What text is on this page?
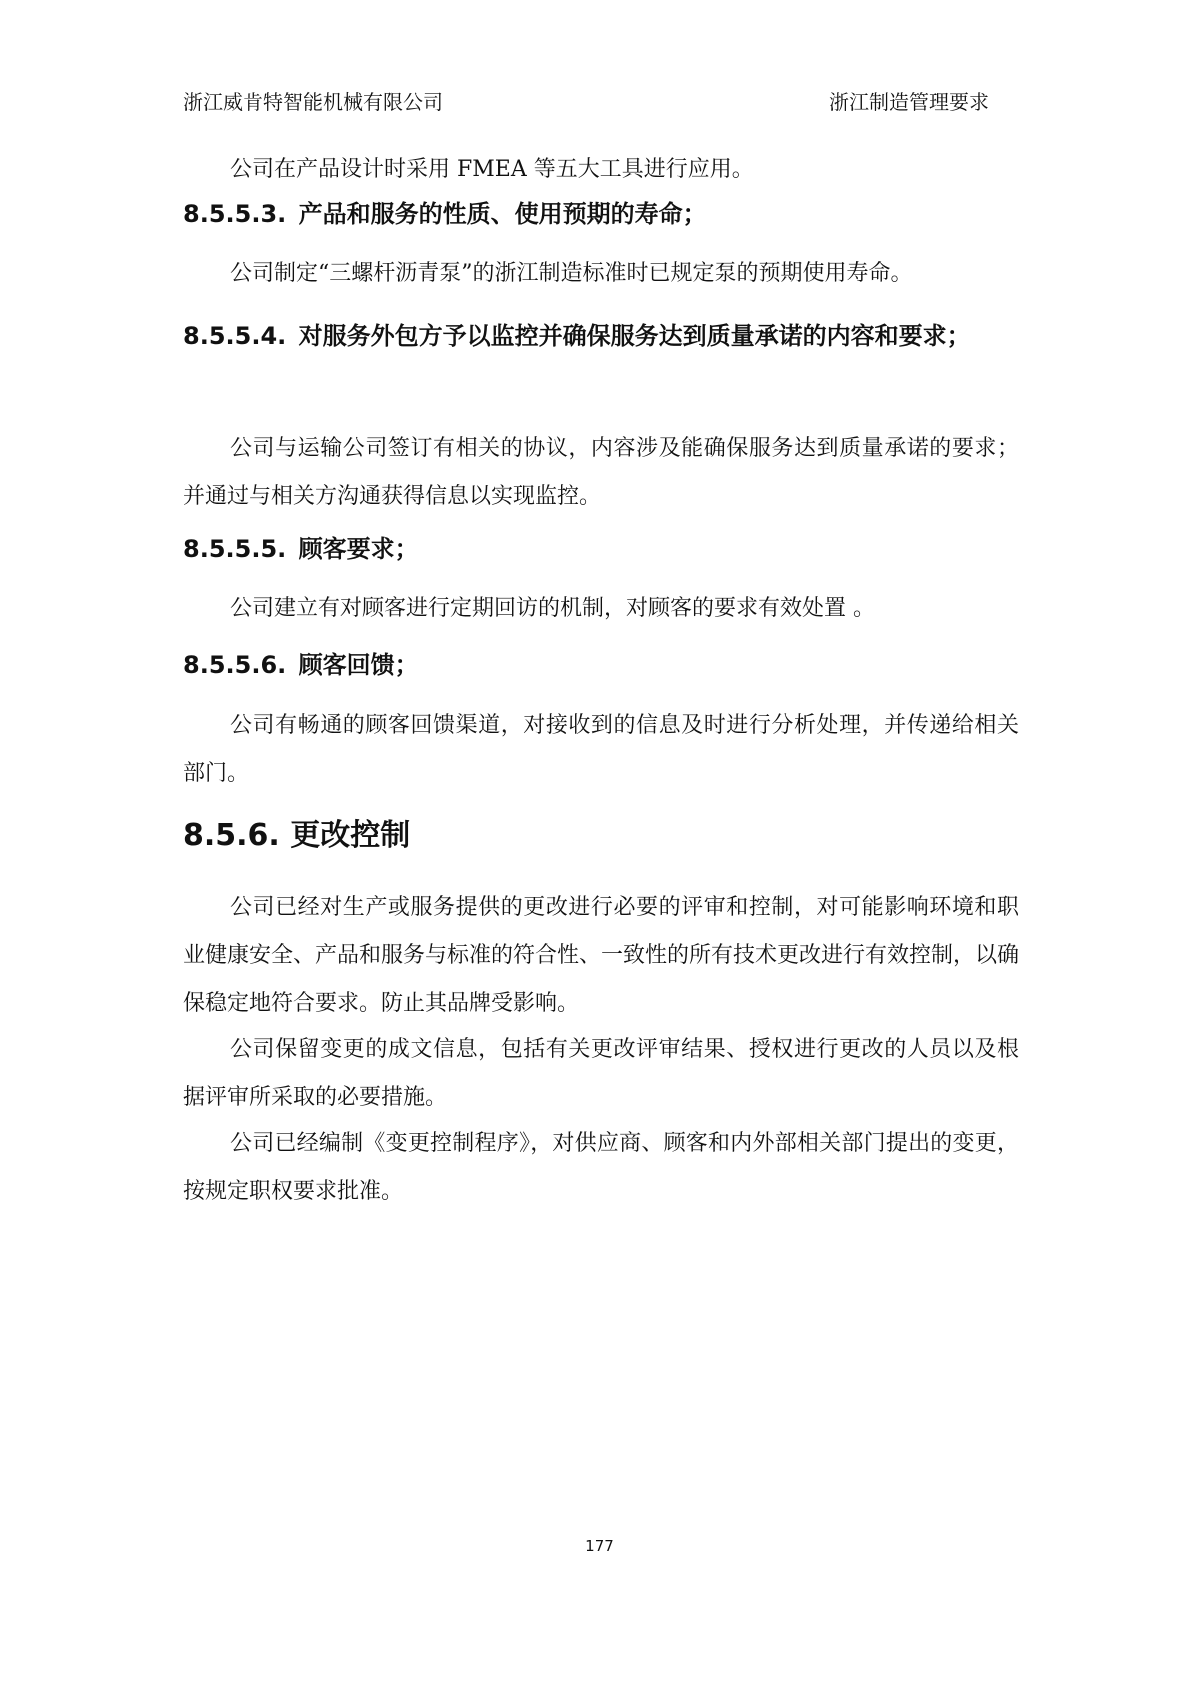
浙江威肯特智能机械有限公司	浙江制造管理要求

公司在产品设计时采用 FMEA 等五大工具进行应用。

8.5.5.3. 产品和服务的性质、使用预期的寿命；

公司制定“三螺杆沥青泵”的浙江制造标准时已规定泵的预期使用寿命。

8.5.5.4. 对服务外包方予以监控并确保服务达到质量承诺的内容和要求；

公司与运输公司签订有相关的协议，内容涉及能确保服务达到质量承诺的要求；并通过与相关方沟通获得信息以实现监控。

8.5.5.5. 顾客要求；

公司建立有对顾客进行定期回访的机制，对顾客的要求有效处置 。

8.5.5.6. 顾客回馈；

公司有畅通的顾客回馈渠道，对接收到的信息及时进行分析处理，并传递给相关部门。

8.5.6. 更改控制

公司已经对生产或服务提供的更改进行必要的评审和控制，对可能影响环境和职业健康安全、产品和服务与标准的符合性、一致性的所有技术更改进行有效控制，以确保稳定地符合要求。防止其品牌受影响。

公司保留变更的成文信息，包括有关更改评审结果、授权进行更改的人员以及根据评审所采取的必要措施。

公司已经编制《变更控制程序》，对供应商、顾客和内外部相关部门提出的变更，按规定职权要求批准。

177
